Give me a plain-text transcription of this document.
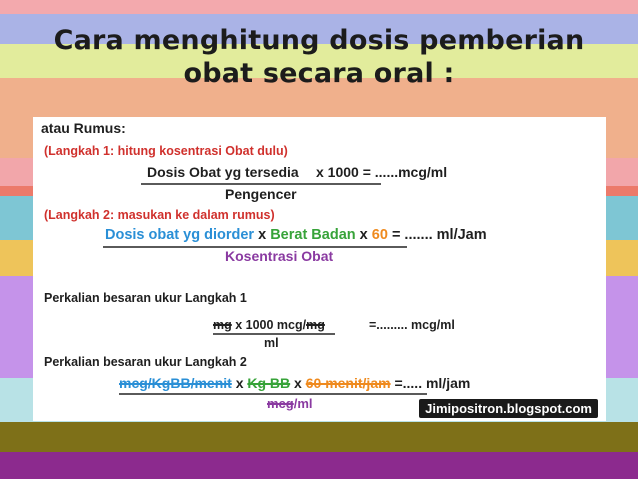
Cara menghitung dosis pemberian
obat secara oral :
atau Rumus:
(Langkah 1: hitung kosentrasi Obat dulu)
Dosis Obat yg tersedia x 1000 = ......mcg/ml
Pengencer
(Langkah 2: masukan ke dalam rumus)
Dosis obat yg diorder x Berat Badan x 60 = ....... ml/Jam
Kosentrasi Obat
Perkalian besaran ukur Langkah 1
mg x 1000 mcg/mg	=......... mcg/ml
ml
Perkalian besaran ukur Langkah 2
mcg/KgBB/menit x Kg BB x 60 menit/jam =..... ml/jam
mcg/ml	Jimipositron.blogspot.com
